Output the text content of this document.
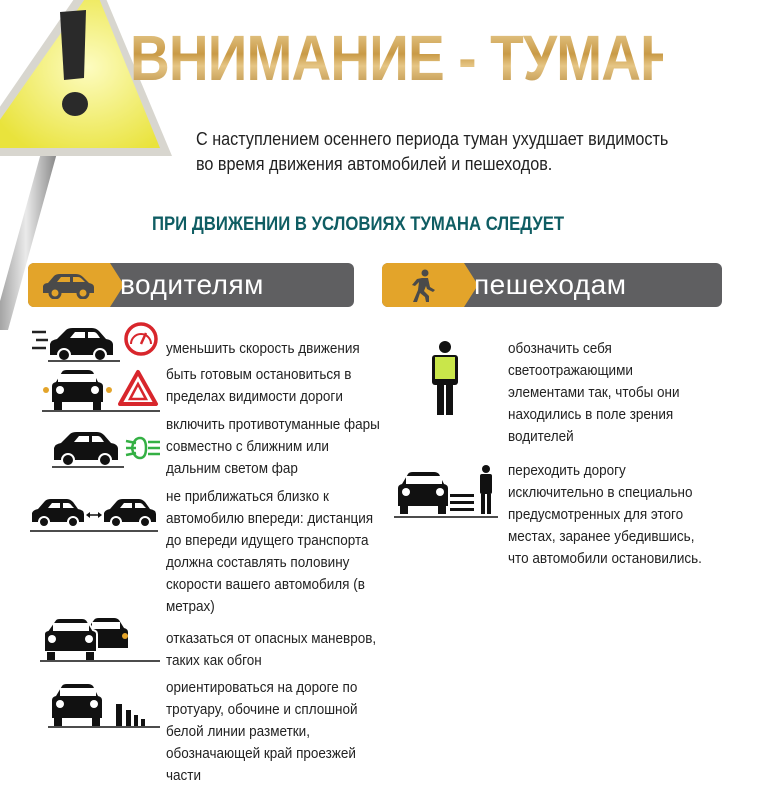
ВНИМАНИЕ - ТУМАН!
С наступлением осеннего периода туман ухудшает видимость во время движения автомобилей и пешеходов.
ПРИ ДВИЖЕНИИ В УСЛОВИЯХ ТУМАНА СЛЕДУЕТ
водителям	пешеходам
уменьшить скорость движения
быть готовым остановиться в пределах видимости дороги
включить противотуманные фары совместно с ближним или дальним светом фар
не приближаться близко к автомобилю впереди: дистанция до впереди идущего транспорта должна составлять половину скорости вашего автомобиля (в метрах)
отказаться от опасных маневров, таких как обгон
ориентироваться на дороге по тротуару, обочине и сплошной белой линии разметки, обозначающей край проезжей части
обозначить себя светоотражающими элементами так, чтобы они находились в поле зрения водителей
переходить дорогу исключительно в специально предусмотренных для этого местах, заранее убедившись, что автомобили остановились.
